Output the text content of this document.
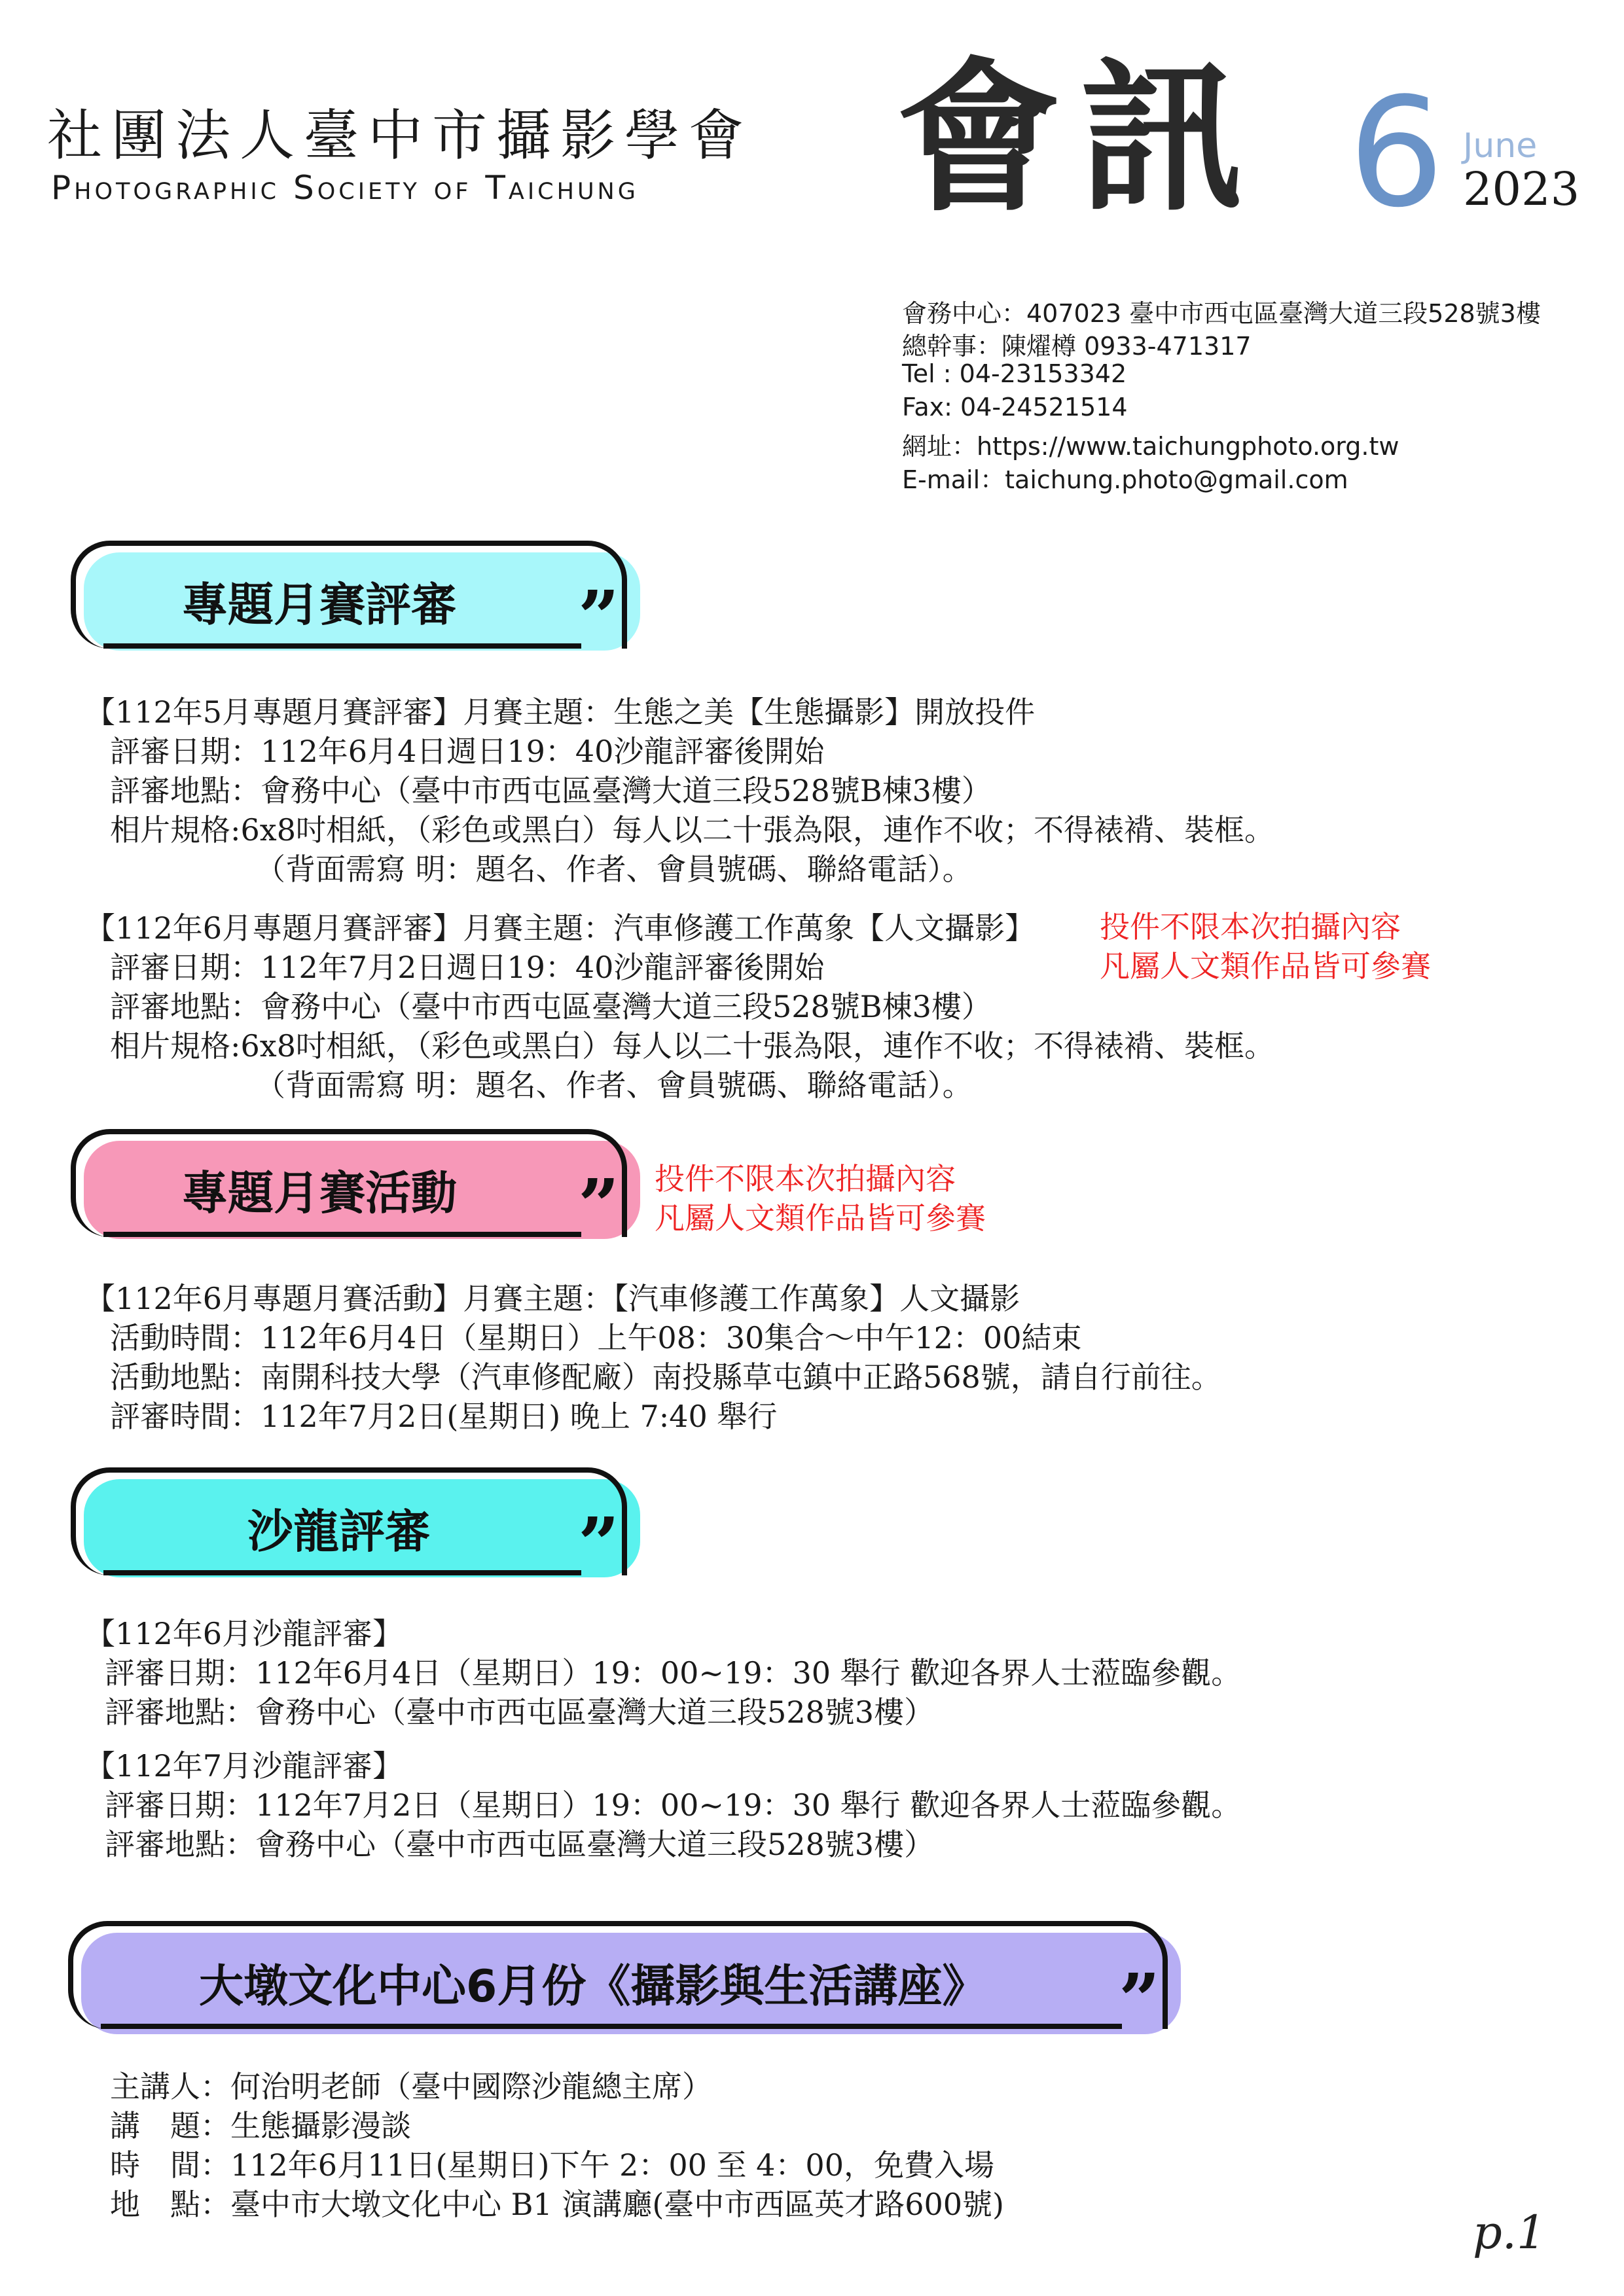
社團法人臺中市攝影學會
Photographic Society of Taichung 會訊 6 June
2023
會務中心：407023 臺中市西屯區臺灣大道三段528號3樓
總幹事：陳燿樽 0933-471317
Tel : 04-23153342
Fax: 04-24521514
網址：https://www.taichungphoto.org.tw
E-mail：taichung.photo@gmail.com
專題月賽評審 ”
【112年5月專題月賽評審】月賽主題：生態之美【生態攝影】開放投件
評審日期：112年6月4日週日19：40沙龍評審後開始
評審地點：會務中心（臺中市西屯區臺灣大道三段528號B棟3樓）
相片規格:6x8吋相紙，（彩色或黑白）每人以二十張為限，連作不收；不得裱褙、裝框。
（背面需寫 明：題名、作者、會員號碼、聯絡電話）。
【112年6月專題月賽評審】月賽主題：汽車修護工作萬象【人文攝影】 投件不限本次拍攝內容
凡屬人文類作品皆可參賽
評審日期：112年7月2日週日19：40沙龍評審後開始
評審地點：會務中心（臺中市西屯區臺灣大道三段528號B棟3樓）
相片規格:6x8吋相紙，（彩色或黑白）每人以二十張為限，連作不收；不得裱褙、裝框。
（背面需寫 明：題名、作者、會員號碼、聯絡電話）。
專題月賽活動 ” 投件不限本次拍攝內容
凡屬人文類作品皆可參賽
【112年6月專題月賽活動】月賽主題：【汽車修護工作萬象】人文攝影
活動時間：112年6月4日（星期日）上午08：30集合～中午12：00結束
活動地點：南開科技大學（汽車修配廠）南投縣草屯鎮中正路568號，請自行前往。
評審時間：112年7月2日(星期日) 晚上 7:40 舉行
沙龍評審 ”
【112年6月沙龍評審】
評審日期：112年6月4日（星期日）19：00~19：30 舉行 歡迎各界人士蒞臨參觀。
評審地點：會務中心（臺中市西屯區臺灣大道三段528號3樓）
【112年7月沙龍評審】
評審日期：112年7月2日（星期日）19：00~19：30 舉行 歡迎各界人士蒞臨參觀。
評審地點：會務中心（臺中市西屯區臺灣大道三段528號3樓）
大墩文化中心6月份《攝影與生活講座》 ”
主講人：何治明老師（臺中國際沙龍總主席）
講　題：生態攝影漫談
時　間：112年6月11日(星期日)下午 2：00 至 4：00，免費入場
地　點：臺中市大墩文化中心 B1 演講廳(臺中市西區英才路600號)
p.1
